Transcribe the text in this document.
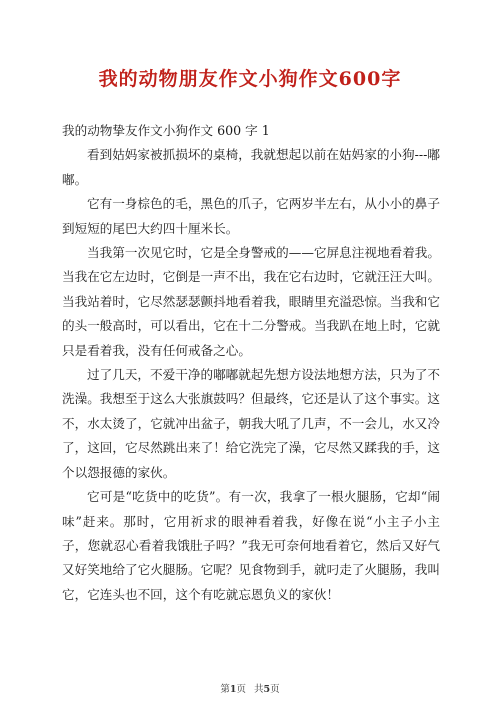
我的动物朋友作文小狗作文600字

我的动物挚友作文小狗作文 600 字 1

看到姑妈家被抓损坏的桌椅，我就想起以前在姑妈家的小狗---嘟嘟。

它有一身棕色的毛，黑色的爪子，它两岁半左右，从小小的鼻子到短短的尾巴大约四十厘米长。

当我第一次见它时，它是全身警戒的——它屏息注视地看着我。当我在它左边时，它倒是一声不出，我在它右边时，它就汪汪大叫。当我站着时，它尽然瑟瑟颤抖地看着我，眼睛里充溢恐惊。当我和它的头一般高时，可以看出，它在十二分警戒。当我趴在地上时，它就只是看着我，没有任何戒备之心。

过了几天，不爱干净的嘟嘟就起先想方设法地想方法，只为了不洗澡。我想至于这么大张旗鼓吗？但最终，它还是认了这个事实。这不，水太烫了，它就冲出盆子，朝我大吼了几声，不一会儿，水又冷了，这回，它尽然跳出来了！给它洗完了澡，它尽然又蹂我的手，这个以怨报德的家伙。

它可是“吃货中的吃货”。有一次，我拿了一根火腿肠，它却“闹味”赶来。那时，它用祈求的眼神看着我，好像在说“小主子小主子，您就忍心看着我饿肚子吗？”我无可奈何地看着它，然后又好气又好笑地给了它火腿肠。它呢？见食物到手，就叼走了火腿肠，我叫它，它连头也不回，这个有吃就忘恩负义的家伙！

第1页 共5页
